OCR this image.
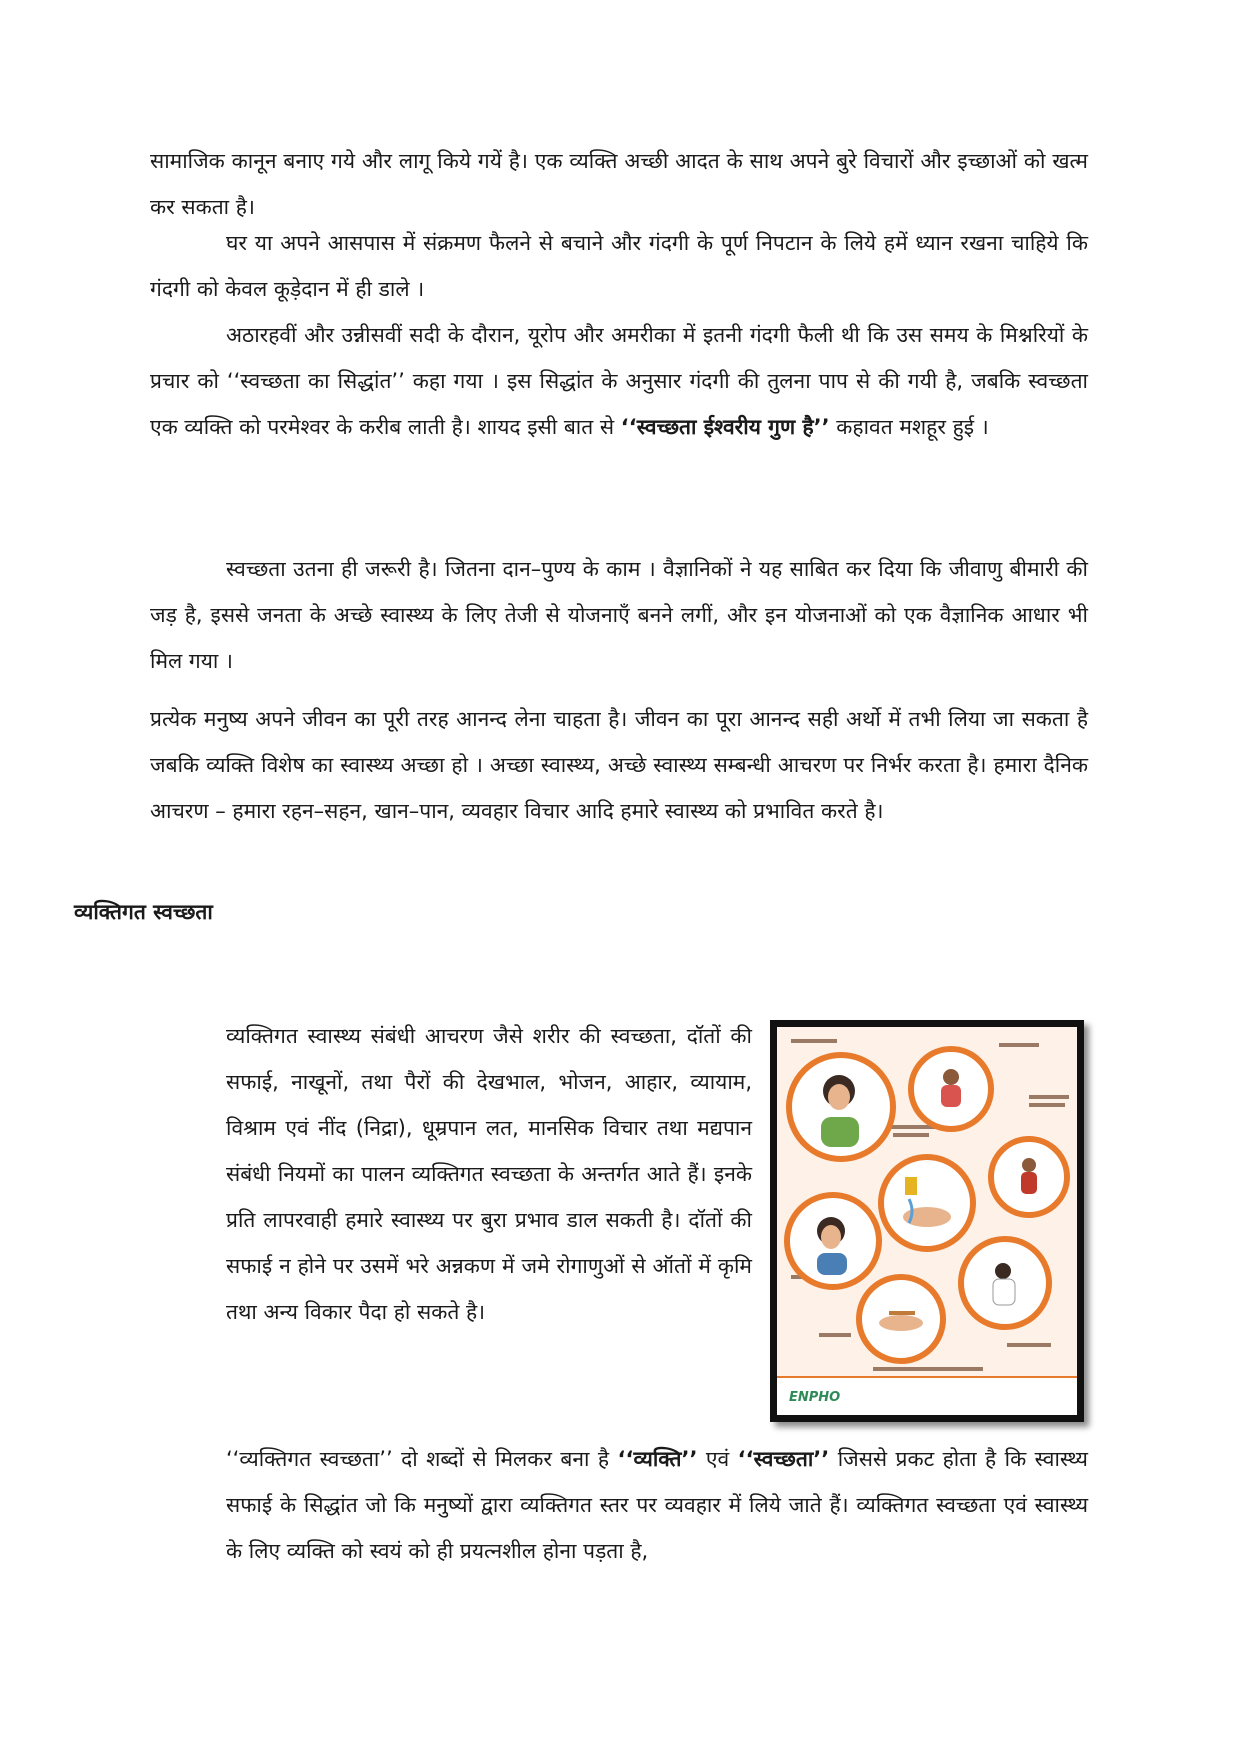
सामाजिक कानून बनाए गये और लागू किये गयें है। एक व्यक्ति अच्छी आदत के साथ अपने बुरे विचारों और इच्छाओं को खत्म कर सकता है।

घर या अपने आसपास में संक्रमण फैलने से बचाने और गंदगी के पूर्ण निपटान के लिये हमें ध्यान रखना चाहिये कि गंदगी को केवल कूड़ेदान में ही डाले ।

अठारहवीं और उन्नीसवीं सदी के दौरान, यूरोप और अमरीका में इतनी गंदगी फैली थी कि उस समय के मिश्नरियों के प्रचार को ‘‘स्वच्छता का सिद्धांत’’ कहा गया । इस सिद्धांत के अनुसार गंदगी की तुलना पाप से की गयी है, जबकि स्वच्छता एक व्यक्ति को परमेश्वर के करीब लाती है। शायद इसी बात से ‘‘स्वच्छता ईश्वरीय गुण है’’ कहावत मशहूर हुई ।

स्वच्छता उतना ही जरूरी है। जितना दान–पुण्य के काम । वैज्ञानिकों ने यह साबित कर दिया कि जीवाणु बीमारी की जड़ है, इससे जनता के अच्छे स्वास्थ्य के लिए तेजी से योजनाएँ बनने लगीं, और इन योजनाओं को एक वैज्ञानिक आधार भी मिल गया ।

प्रत्येक मनुष्य अपने जीवन का पूरी तरह आनन्द लेना चाहता है। जीवन का पूरा आनन्द सही अर्थो में तभी लिया जा सकता है जबकि व्यक्ति विशेष का स्वास्थ्य अच्छा हो । अच्छा स्वास्थ्य, अच्छे स्वास्थ्य सम्बन्धी आचरण पर निर्भर करता है। हमारा दैनिक आचरण – हमारा रहन–सहन, खान–पान, व्यवहार विचार आदि हमारे स्वास्थ्य को प्रभावित करते है।

व्यक्तिगत स्वच्छता

व्यक्तिगत स्वास्थ्य संबंधी आचरण जैसे शरीर की स्वच्छता, दॉतों की सफाई, नाखूनों, तथा पैरों की देखभाल, भोजन, आहार, व्यायाम, विश्राम एवं नींद (निद्रा), धूम्रपान लत, मानसिक विचार तथा मद्यपान संबंधी नियमों का पालन व्यक्तिगत स्वच्छता के अन्तर्गत आते हैं। इनके प्रति लापरवाही हमारे स्वास्थ्य पर बुरा प्रभाव डाल सकती है। दॉतों की सफाई न होने पर उसमें भरे अन्नकण में जमे रोगाणुओं से ऑतों में कृमि तथा अन्य विकार पैदा हो सकते है।

ENPHO

‘‘व्यक्तिगत स्वच्छता’’ दो शब्दों से मिलकर बना है ‘‘व्यक्ति’’ एवं ‘‘स्वच्छता’’ जिससे प्रकट होता है कि स्वास्थ्य सफाई के सिद्धांत जो कि मनुष्यों द्वारा व्यक्तिगत स्तर पर व्यवहार में लिये जाते हैं। व्यक्तिगत स्वच्छता एवं स्वास्थ्य के लिए व्यक्ति को स्वयं को ही प्रयत्नशील होना पड़ता है,
